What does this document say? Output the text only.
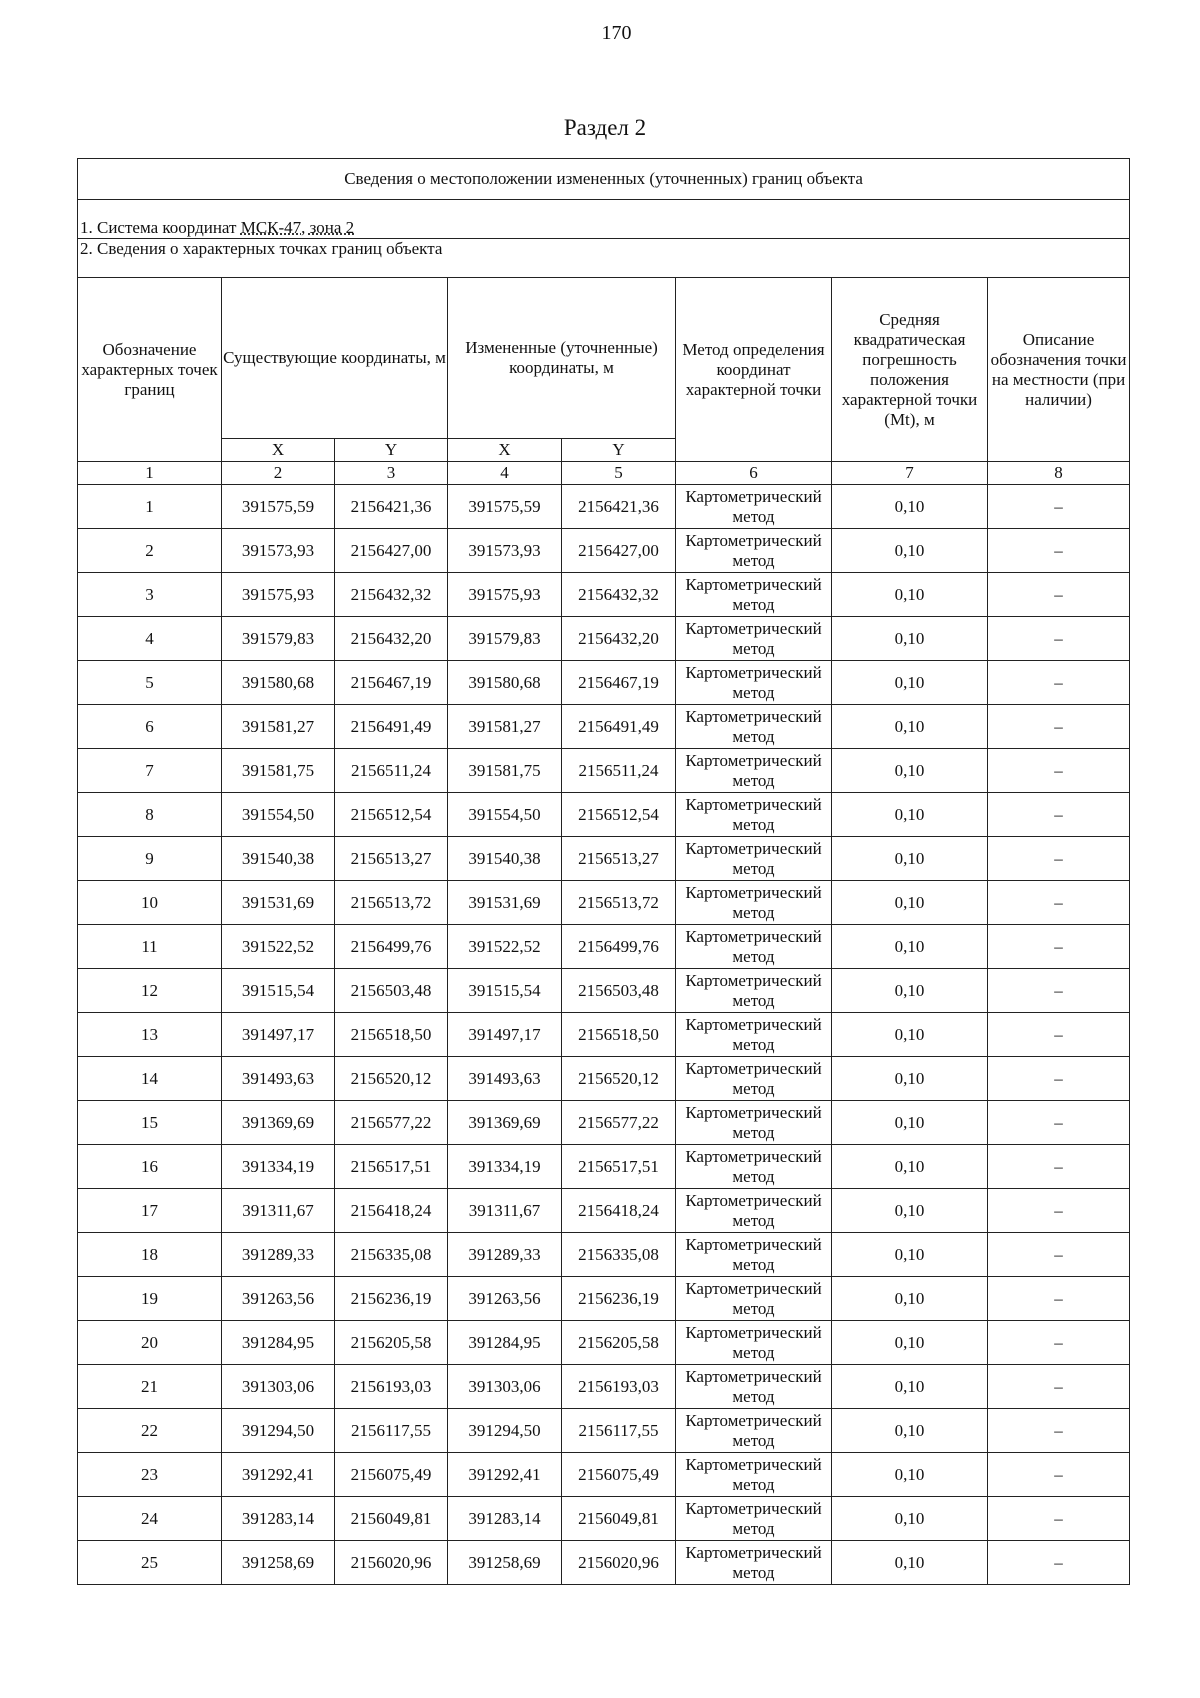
170
Раздел 2
Сведения о местоположении измененных (уточненных) границ объекта							
1. Система координат МСК-47, зона 2							
2. Сведения о характерных точках границ объекта							
Обозначение характерных точек границ	Существующие координаты, м		Измененные (уточненные) координаты, м		Метод определения координат характерной точки	Средняя квадратическая погрешность положения характерной точки (Мt), м	Описание обозначения точки на местности (при наличии)
	X	Y	X	Y			
1	2	3	4	5	6	7	8
1	391575,59	2156421,36	391575,59	2156421,36	Картометрический метод	0,10	–
2	391573,93	2156427,00	391573,93	2156427,00	Картометрический метод	0,10	–
3	391575,93	2156432,32	391575,93	2156432,32	Картометрический метод	0,10	–
4	391579,83	2156432,20	391579,83	2156432,20	Картометрический метод	0,10	–
5	391580,68	2156467,19	391580,68	2156467,19	Картометрический метод	0,10	–
6	391581,27	2156491,49	391581,27	2156491,49	Картометрический метод	0,10	–
7	391581,75	2156511,24	391581,75	2156511,24	Картометрический метод	0,10	–
8	391554,50	2156512,54	391554,50	2156512,54	Картометрический метод	0,10	–
9	391540,38	2156513,27	391540,38	2156513,27	Картометрический метод	0,10	–
10	391531,69	2156513,72	391531,69	2156513,72	Картометрический метод	0,10	–
11	391522,52	2156499,76	391522,52	2156499,76	Картометрический метод	0,10	–
12	391515,54	2156503,48	391515,54	2156503,48	Картометрический метод	0,10	–
13	391497,17	2156518,50	391497,17	2156518,50	Картометрический метод	0,10	–
14	391493,63	2156520,12	391493,63	2156520,12	Картометрический метод	0,10	–
15	391369,69	2156577,22	391369,69	2156577,22	Картометрический метод	0,10	–
16	391334,19	2156517,51	391334,19	2156517,51	Картометрический метод	0,10	–
17	391311,67	2156418,24	391311,67	2156418,24	Картометрический метод	0,10	–
18	391289,33	2156335,08	391289,33	2156335,08	Картометрический метод	0,10	–
19	391263,56	2156236,19	391263,56	2156236,19	Картометрический метод	0,10	–
20	391284,95	2156205,58	391284,95	2156205,58	Картометрический метод	0,10	–
21	391303,06	2156193,03	391303,06	2156193,03	Картометрический метод	0,10	–
22	391294,50	2156117,55	391294,50	2156117,55	Картометрический метод	0,10	–
23	391292,41	2156075,49	391292,41	2156075,49	Картометрический метод	0,10	–
24	391283,14	2156049,81	391283,14	2156049,81	Картометрический метод	0,10	–
25	391258,69	2156020,96	391258,69	2156020,96	Картометрический метод	0,10	–
